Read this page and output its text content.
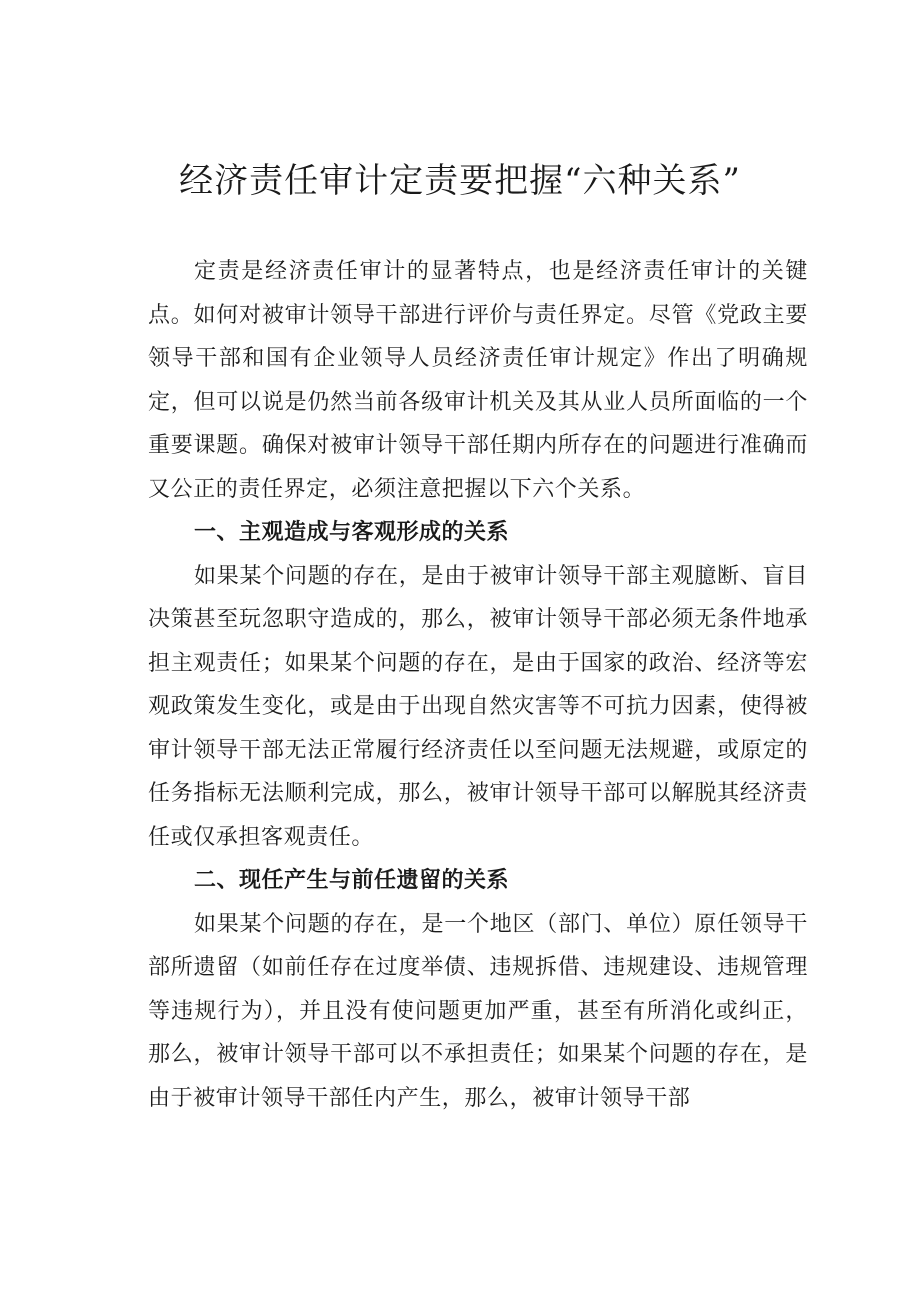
经济责任审计定责要把握“六种关系”

定责是经济责任审计的显著特点，也是经济责任审计的关键点。如何对被审计领导干部进行评价与责任界定。尽管《党政主要领导干部和国有企业领导人员经济责任审计规定》作出了明确规定，但可以说是仍然当前各级审计机关及其从业人员所面临的一个重要课题。确保对被审计领导干部任期内所存在的问题进行准确而又公正的责任界定，必须注意把握以下六个关系。

一、主观造成与客观形成的关系

如果某个问题的存在，是由于被审计领导干部主观臆断、盲目决策甚至玩忽职守造成的，那么，被审计领导干部必须无条件地承担主观责任；如果某个问题的存在，是由于国家的政治、经济等宏观政策发生变化，或是由于出现自然灾害等不可抗力因素，使得被审计领导干部无法正常履行经济责任以至问题无法规避，或原定的任务指标无法顺利完成，那么，被审计领导干部可以解脱其经济责任或仅承担客观责任。

二、现任产生与前任遗留的关系

如果某个问题的存在，是一个地区（部门、单位）原任领导干部所遗留（如前任存在过度举债、违规拆借、违规建设、违规管理等违规行为），并且没有使问题更加严重，甚至有所消化或纠正，那么，被审计领导干部可以不承担责任；如果某个问题的存在，是由于被审计领导干部任内产生，那么，被审计领导干部
